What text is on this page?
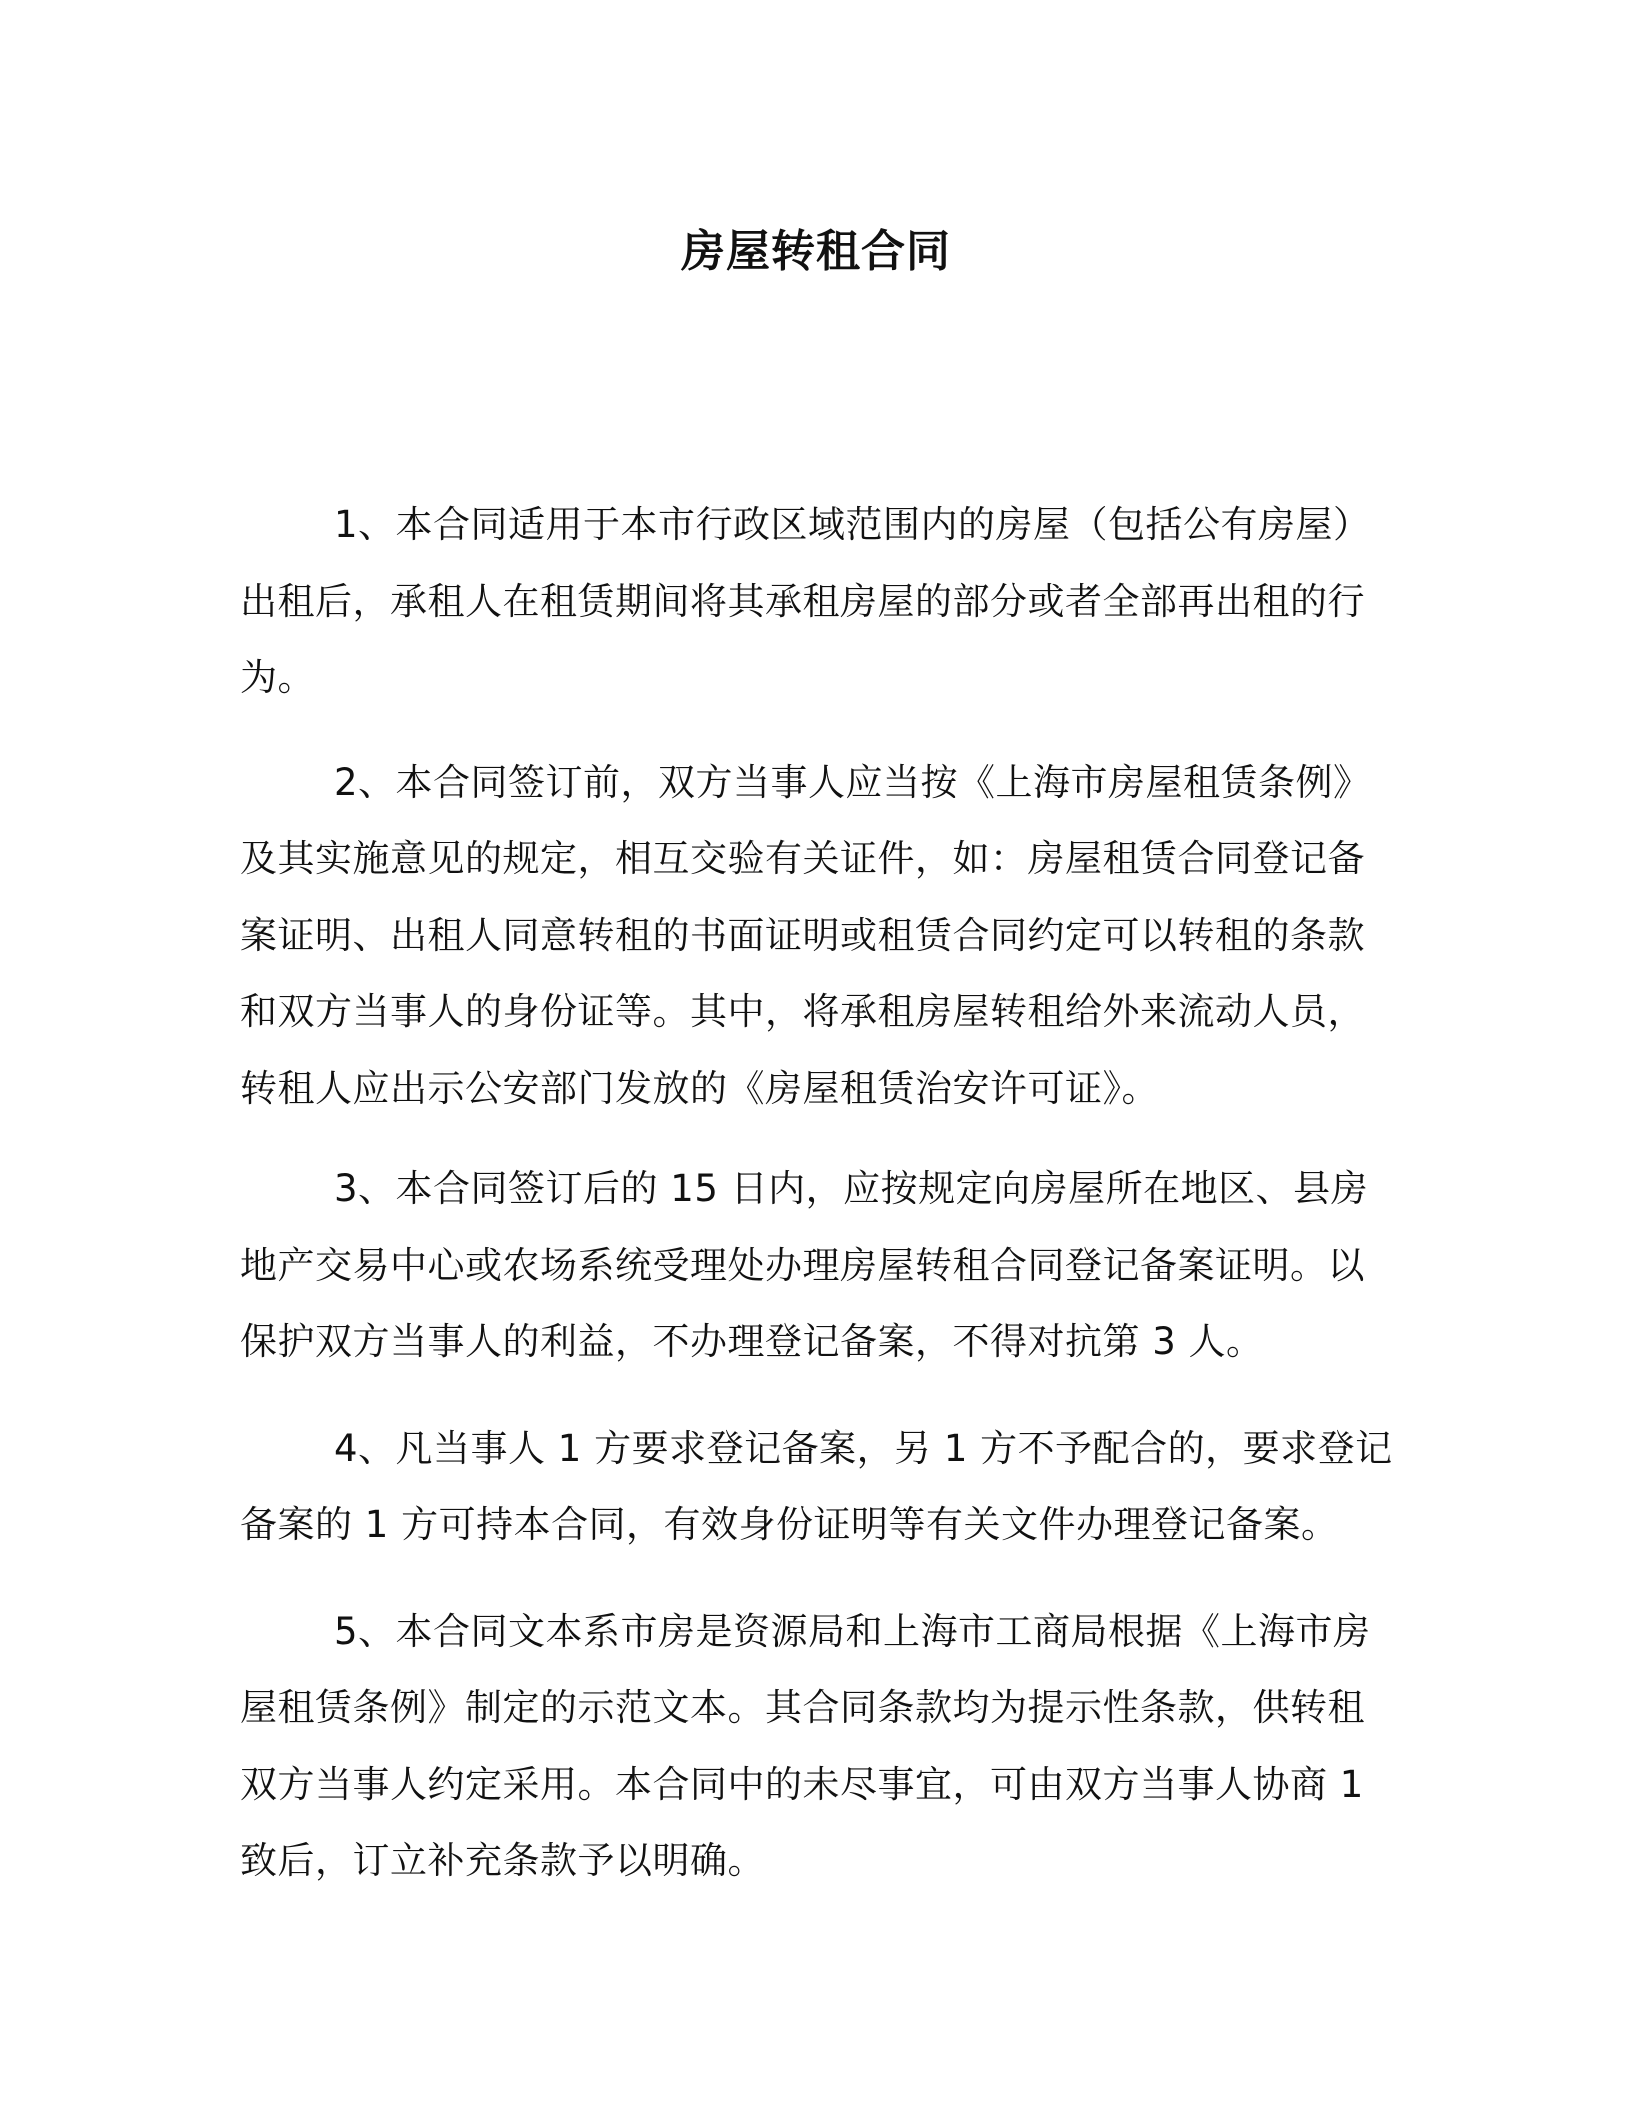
房屋转租合同

1、本合同适用于本市行政区域范围内的房屋（包括公有房屋）出租后，承租人在租赁期间将其承租房屋的部分或者全部再出租的行为。

2、本合同签订前，双方当事人应当按《上海市房屋租赁条例》及其实施意见的规定，相互交验有关证件，如：房屋租赁合同登记备案证明、出租人同意转租的书面证明或租赁合同约定可以转租的条款和双方当事人的身份证等。其中，将承租房屋转租给外来流动人员，转租人应出示公安部门发放的《房屋租赁治安许可证》。

3、本合同签订后的 15 日内，应按规定向房屋所在地区、县房地产交易中心或农场系统受理处办理房屋转租合同登记备案证明。以保护双方当事人的利益，不办理登记备案，不得对抗第 3 人。

4、凡当事人 1 方要求登记备案，另 1 方不予配合的，要求登记备案的 1 方可持本合同，有效身份证明等有关文件办理登记备案。

5、本合同文本系市房是资源局和上海市工商局根据《上海市房屋租赁条例》制定的示范文本。其合同条款均为提示性条款，供转租双方当事人约定采用。本合同中的未尽事宜，可由双方当事人协商 1 致后，订立补充条款予以明确。
